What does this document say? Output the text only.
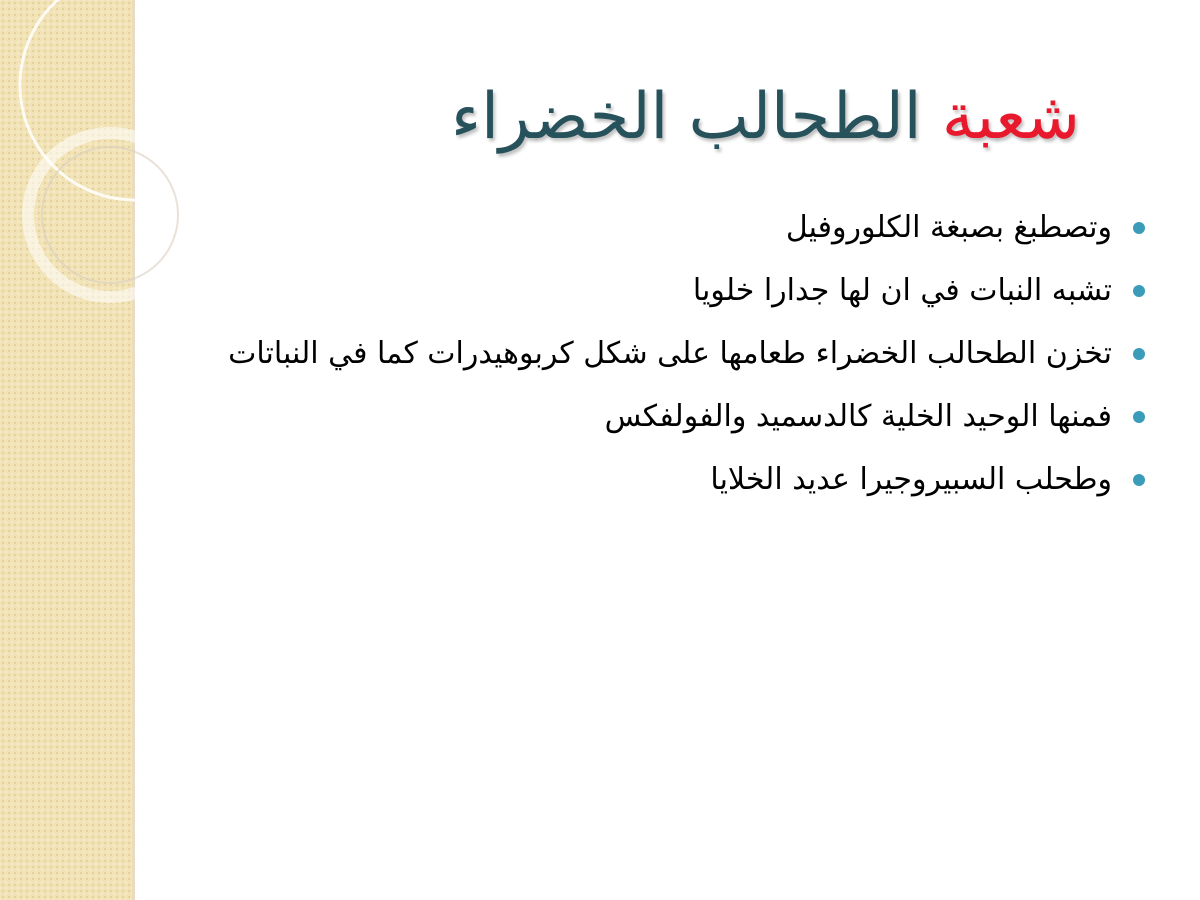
شعبة الطحالب الخضراء
وتصطبغ بصبغة الكلوروفيل
تشبه النبات في ان لها جدارا خلويا
تخزن الطحالب الخضراء طعامها على شكل كربوهيدرات كما في النباتات
فمنها الوحيد الخلية كالدسميد والفولفكس
وطحلب السبيروجيرا عديد الخلايا
